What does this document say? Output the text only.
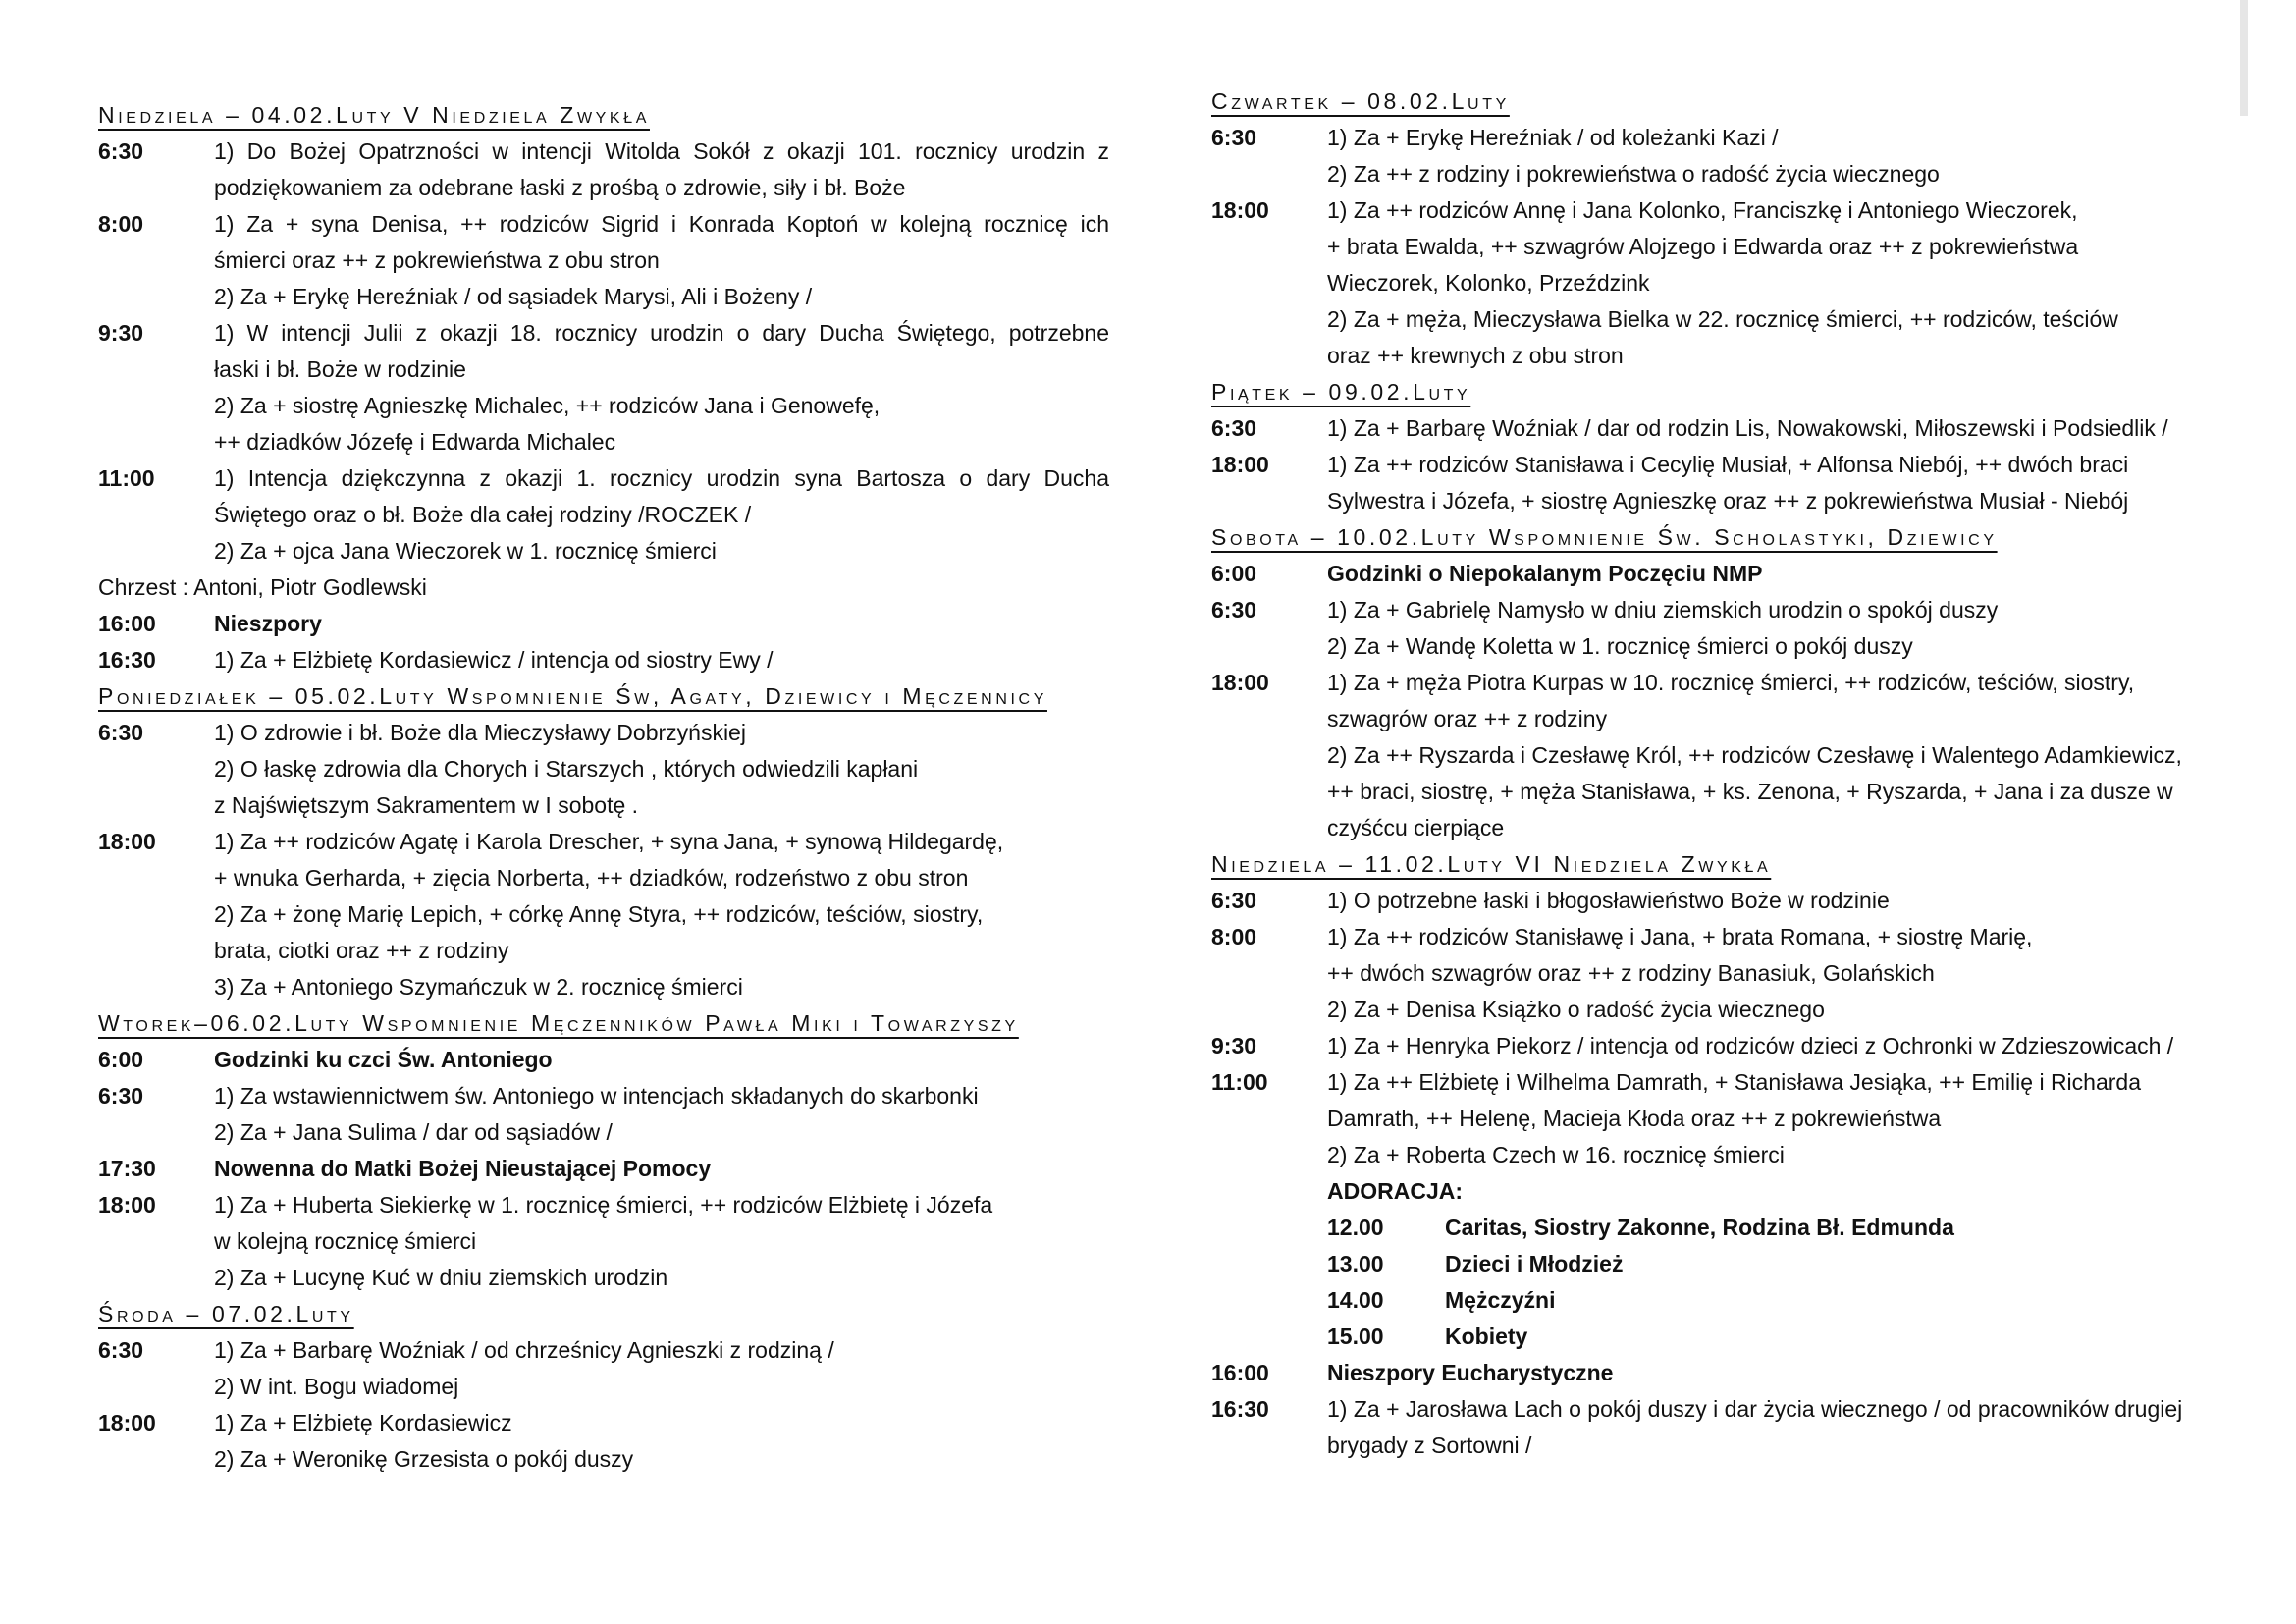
Niedziela – 04.02.Luty V Niedziela Zwykła
6:30	1) Do Bożej Opatrzności w intencji Witolda Sokół z okazji 101. rocznicy urodzin z
podziękowaniem za odebrane łaski z prośbą o zdrowie, siły i bł. Boże
8:00	1) Za + syna Denisa, ++ rodziców Sigrid i Konrada Koptoń w kolejną rocznicę ich
śmierci oraz ++ z pokrewieństwa z obu stron
2) Za + Erykę Hereźniak / od sąsiadek Marysi, Ali i Bożeny /
9:30	1) W intencji Julii z okazji 18. rocznicy urodzin o dary Ducha Świętego, potrzebne
łaski i bł. Boże w rodzinie
2) Za + siostrę Agnieszkę Michalec, ++ rodziców Jana i Genowefę,
++ dziadków Józefę i Edwarda Michalec
11:00	1) Intencja dziękczynna z okazji 1. rocznicy urodzin syna Bartosza o dary Ducha
Świętego oraz o bł. Boże dla całej rodziny /ROCZEK /
2) Za + ojca Jana Wieczorek w 1. rocznicę śmierci
Chrzest : Antoni, Piotr Godlewski
16:00	Nieszpory
16:30	1) Za + Elżbietę Kordasiewicz / intencja od siostry Ewy /
Poniedziałek – 05.02.Luty Wspomnienie Św, Agaty, Dziewicy i Męczennicy
6:30	1) O zdrowie i bł. Boże dla Mieczysławy Dobrzyńskiej
2) O łaskę zdrowia dla Chorych i Starszych , których odwiedzili kapłani
z Najświętszym Sakramentem w I sobotę .
18:00	1) Za ++ rodziców Agatę i Karola Drescher, + syna Jana, + synową Hildegardę,
+ wnuka Gerharda, + zięcia Norberta, ++ dziadków, rodzeństwo z obu stron
2) Za + żonę Marię Lepich, + córkę Annę Styra, ++ rodziców, teściów, siostry,
brata, ciotki oraz ++ z rodziny
3) Za + Antoniego Szymańczuk w 2. rocznicę śmierci
Wtorek–06.02.Luty Wspomnienie Męczenników Pawła Miki i Towarzyszy
6:00	Godzinki ku czci Św. Antoniego
6:30	1) Za wstawiennictwem św. Antoniego w intencjach składanych do skarbonki
2) Za + Jana Sulima / dar od sąsiadów /
17:30	Nowenna do Matki Bożej Nieustającej Pomocy
18:00	1) Za + Huberta Siekierkę w 1. rocznicę śmierci, ++ rodziców Elżbietę i Józefa
w kolejną rocznicę śmierci
2) Za + Lucynę Kuć w dniu ziemskich urodzin
Środa – 07.02.Luty
6:30	1) Za + Barbarę Woźniak / od chrześnicy Agnieszki z rodziną /
2) W int. Bogu wiadomej
18:00	1) Za + Elżbietę Kordasiewicz
2) Za + Weronikę Grzesista o pokój duszy
Czwartek – 08.02.Luty
6:30	1) Za + Erykę Hereźniak / od koleżanki Kazi /
2) Za ++ z rodziny i pokrewieństwa o radość życia wiecznego
18:00	1) Za ++ rodziców Annę i Jana Kolonko, Franciszkę i Antoniego Wieczorek,
+ brata Ewalda, ++ szwagrów Alojzego i Edwarda oraz ++ z pokrewieństwa
Wieczorek, Kolonko, Przeździnk
2) Za + męża, Mieczysława Bielka w 22. rocznicę śmierci, ++ rodziców, teściów
oraz ++ krewnych z obu stron
Piątek – 09.02.Luty
6:30	1) Za + Barbarę Woźniak / dar od rodzin Lis, Nowakowski, Miłoszewski i Podsiedlik /
18:00	1) Za ++ rodziców Stanisława i Cecylię Musiał, + Alfonsa Niebój, ++ dwóch braci
Sylwestra i Józefa, + siostrę Agnieszkę oraz ++ z pokrewieństwa Musiał - Niebój
Sobota – 10.02.Luty Wspomnienie Św. Scholastyki, Dziewicy
6:00	Godzinki o Niepokalanym Poczęciu NMP
6:30	1) Za + Gabrielę Namysło w dniu ziemskich urodzin o spokój duszy
2) Za + Wandę Koletta w 1. rocznicę śmierci o pokój duszy
18:00	1) Za + męża Piotra Kurpas w 10. rocznicę śmierci, ++ rodziców, teściów, siostry,
szwagrów oraz ++ z rodziny
2) Za ++ Ryszarda i Czesławę Król, ++ rodziców Czesławę i Walentego Adamkiewicz,
++ braci, siostrę, + męża Stanisława, + ks. Zenona, + Ryszarda, + Jana i za dusze w
czyśćcu cierpiące
Niedziela – 11.02.Luty VI Niedziela Zwykła
6:30	1) O potrzebne łaski i błogosławieństwo Boże w rodzinie
8:00	1) Za ++ rodziców Stanisławę i Jana, + brata Romana, + siostrę Marię,
++ dwóch szwagrów oraz ++ z rodziny Banasiuk, Golańskich
2) Za + Denisa Książko o radość życia wiecznego
9:30	1) Za + Henryka Piekorz / intencja od rodziców dzieci z Ochronki w Zdzieszowicach /
11:00	1) Za ++ Elżbietę i Wilhelma Damrath, + Stanisława Jesiąka, ++ Emilię i Richarda
Damrath, ++ Helenę, Macieja Kłoda oraz ++ z pokrewieństwa
2) Za + Roberta Czech w 16. rocznicę śmierci
ADORACJA:
12.00	Caritas, Siostry Zakonne, Rodzina Bł. Edmunda
13.00	Dzieci i Młodzież
14.00	Mężczyźni
15.00	Kobiety
16:00	Nieszpory Eucharystyczne
16:30	1) Za + Jarosława Lach o pokój duszy i dar życia wiecznego / od pracowników drugiej
brygady z Sortowni /
